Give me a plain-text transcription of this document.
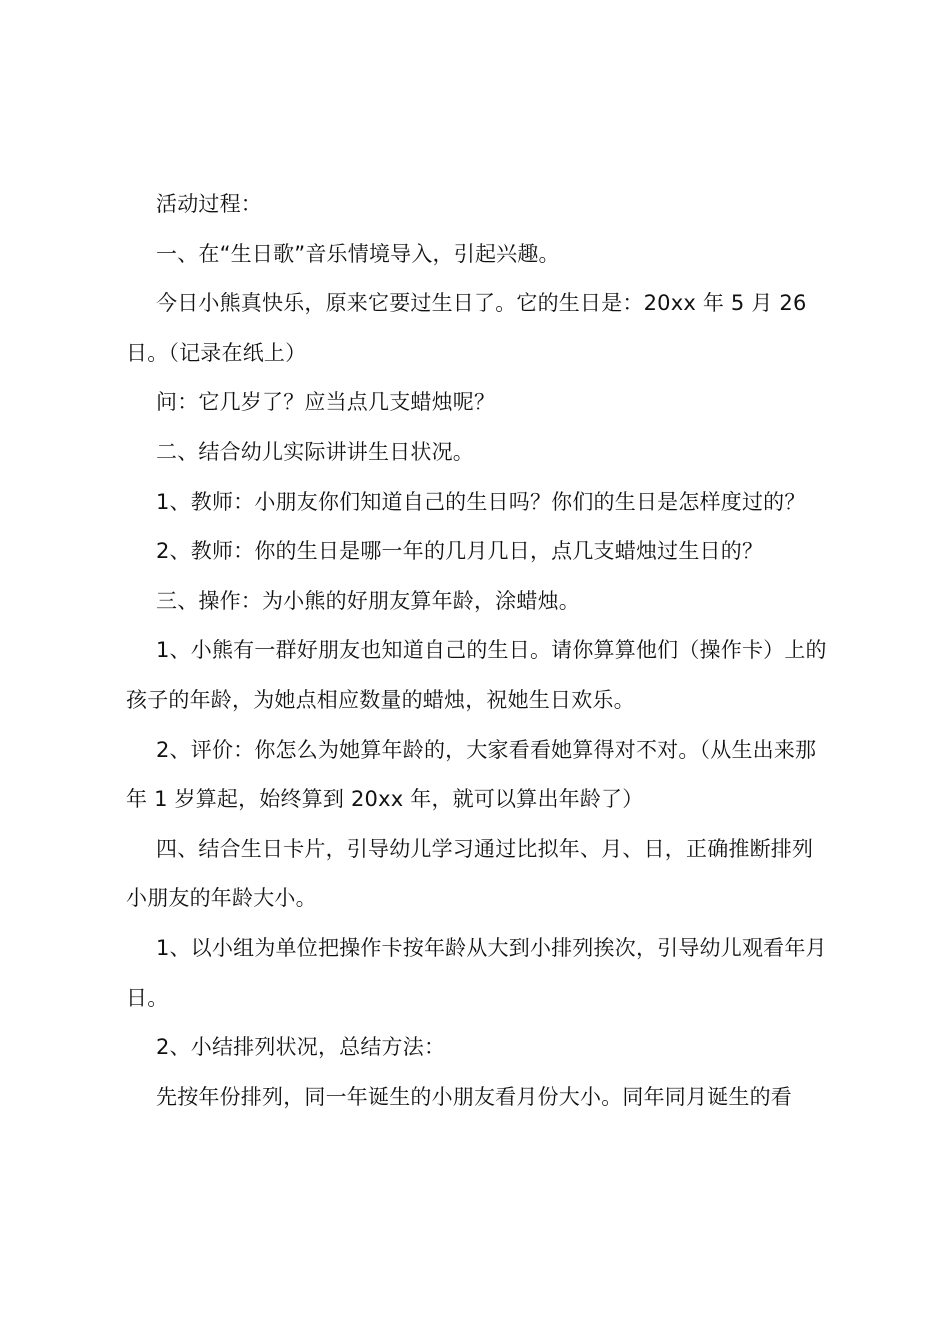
活动过程：

一、在“生日歌”音乐情境导入，引起兴趣。

今日小熊真快乐，原来它要过生日了。它的生日是：20xx 年 5 月 26 日。（记录在纸上）

问：它几岁了？应当点几支蜡烛呢？

二、结合幼儿实际讲讲生日状况。

1、教师：小朋友你们知道自己的生日吗？你们的生日是怎样度过的？

2、教师：你的生日是哪一年的几月几日，点几支蜡烛过生日的？

三、操作：为小熊的好朋友算年龄，涂蜡烛。

1、小熊有一群好朋友也知道自己的生日。请你算算他们（操作卡）上的孩子的年龄，为她点相应数量的蜡烛，祝她生日欢乐。

2、评价：你怎么为她算年龄的，大家看看她算得对不对。（从生出来那年 1 岁算起，始终算到 20xx 年，就可以算出年龄了）

四、结合生日卡片，引导幼儿学习通过比拟年、月、日，正确推断排列小朋友的年龄大小。

1、以小组为单位把操作卡按年龄从大到小排列挨次，引导幼儿观看年月日。

2、小结排列状况，总结方法：

先按年份排列，同一年诞生的小朋友看月份大小。同年同月诞生的看
